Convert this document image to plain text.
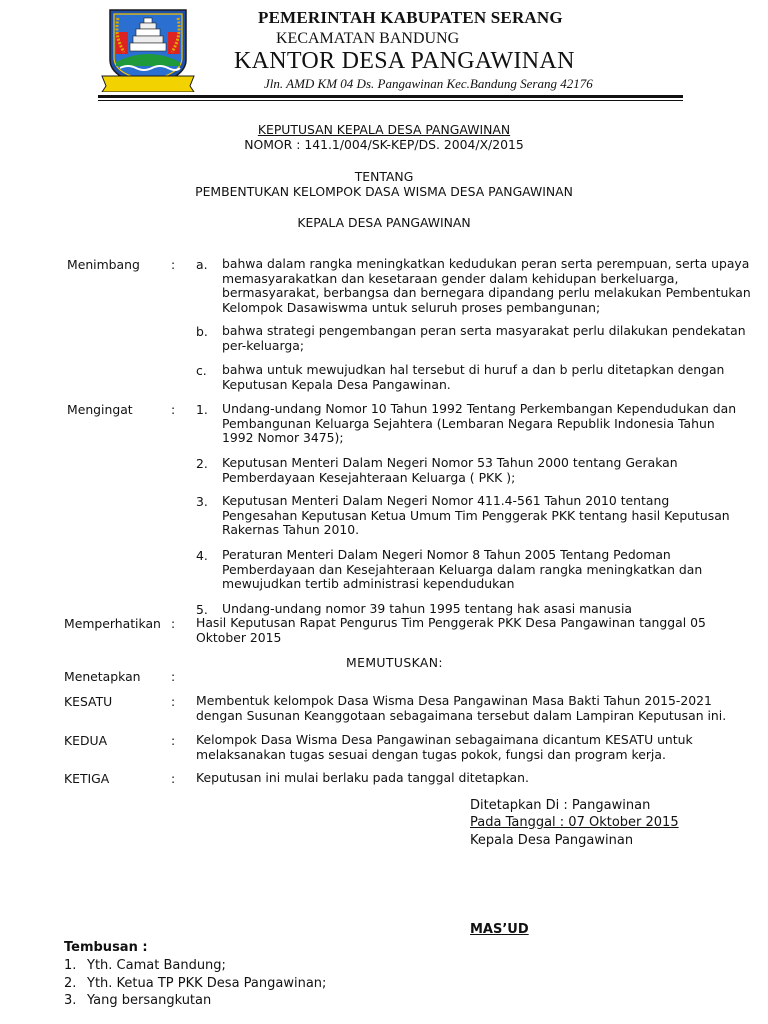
PEMERINTAH KABUPATEN SERANG
KECAMATAN BANDUNG
KANTOR DESA PANGAWINAN
Jln. AMD KM 04 Ds. Pangawinan Kec.Bandung Serang 42176
KEPUTUSAN KEPALA DESA PANGAWINAN
NOMOR : 141.1/004/SK-KEP/DS. 2004/X/2015
TENTANG
PEMBENTUKAN KELOMPOK DASA WISMA DESA PANGAWINAN
KEPALA DESA PANGAWINAN
Menimbang	: a. bahwa dalam rangka meningkatkan kedudukan peran serta perempuan, serta upaya
memasyarakatkan dan kesetaraan gender dalam kehidupan berkeluarga,
bermasyarakat, berbangsa dan bernegara dipandang perlu melakukan Pembentukan
Kelompok Dasawiswma untuk seluruh proses pembangunan;
b. bahwa strategi pengembangan peran serta masyarakat perlu dilakukan pendekatan
per-keluarga;
c. bahwa untuk mewujudkan hal tersebut di huruf a dan b perlu ditetapkan dengan
Keputusan Kepala Desa Pangawinan.
Mengingat	: 1. Undang-undang Nomor 10 Tahun 1992 Tentang Perkembangan Kependudukan dan
Pembangunan Keluarga Sejahtera (Lembaran Negara Republik Indonesia Tahun
1992 Nomor 3475);
2. Keputusan Menteri Dalam Negeri Nomor 53 Tahun 2000 tentang Gerakan
Pemberdayaan Kesejahteraan Keluarga ( PKK );
3. Keputusan Menteri Dalam Negeri Nomor 411.4-561 Tahun 2010 tentang
Pengesahan Keputusan Ketua Umum Tim Penggerak PKK tentang hasil Keputusan
Rakernas Tahun 2010.
4. Peraturan Menteri Dalam Negeri Nomor 8 Tahun 2005 Tentang Pedoman
Pemberdayaan dan Kesejahteraan Keluarga dalam rangka meningkatkan dan
mewujudkan tertib administrasi kependudukan
5. Undang-undang nomor 39 tahun 1995 tentang hak asasi manusia
Memperhatikan : Hasil Keputusan Rapat Pengurus Tim Penggerak PKK Desa Pangawinan tanggal 05
Oktober 2015
MEMUTUSKAN:
Menetapkan :
KESATU	: Membentuk kelompok Dasa Wisma Desa Pangawinan Masa Bakti Tahun 2015-2021
dengan Susunan Keanggotaan sebagaimana tersebut dalam Lampiran Keputusan ini.
KEDUA	: Kelompok Dasa Wisma Desa Pangawinan sebagaimana dicantum KESATU untuk
melaksanakan tugas sesuai dengan tugas pokok, fungsi dan program kerja.
KETIGA	: Keputusan ini mulai berlaku pada tanggal ditetapkan.
Ditetapkan Di : Pangawinan
Pada Tanggal : 07 Oktober 2015
Kepala Desa Pangawinan
MAS’UD
Tembusan :
1. Yth. Camat Bandung;
2. Yth. Ketua TP PKK Desa Pangawinan;
3. Yang bersangkutan
